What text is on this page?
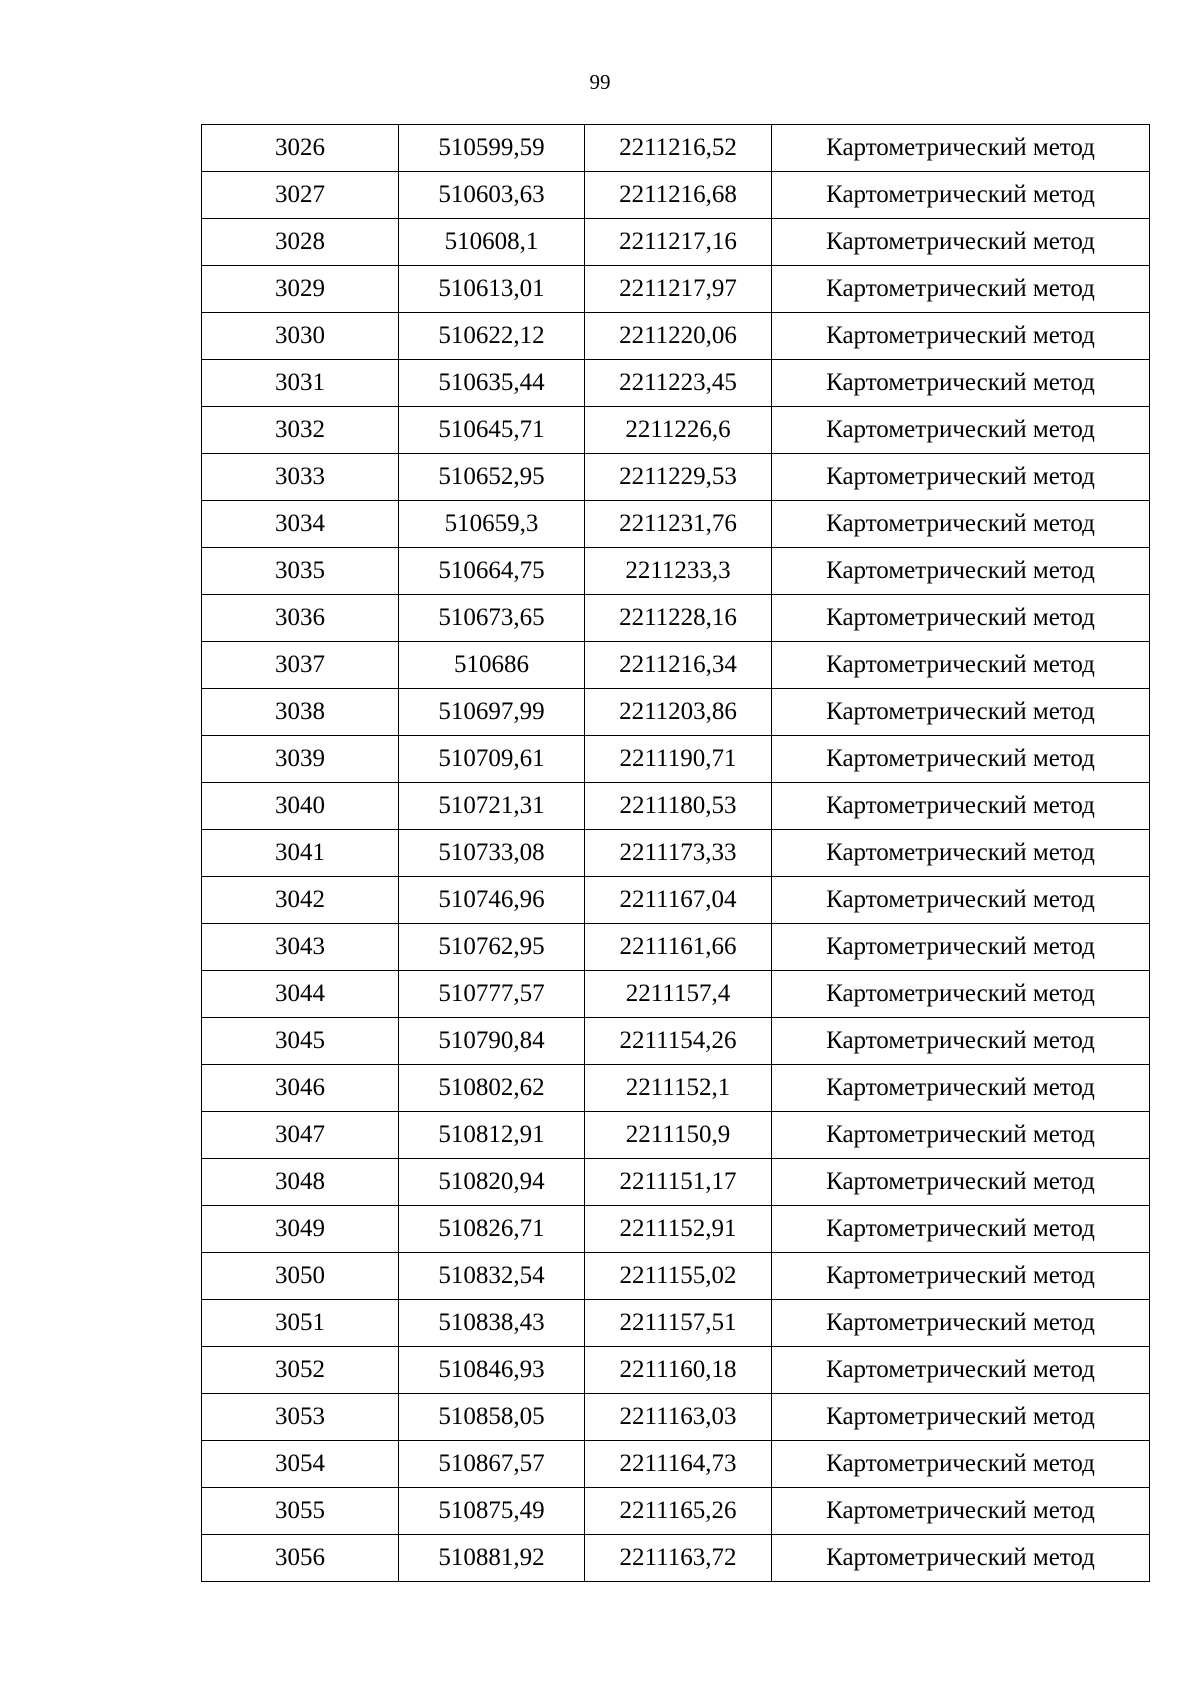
99
3026	510599,59	2211216,52	Картометрический метод
3027	510603,63	2211216,68	Картометрический метод
3028	510608,1	2211217,16	Картометрический метод
3029	510613,01	2211217,97	Картометрический метод
3030	510622,12	2211220,06	Картометрический метод
3031	510635,44	2211223,45	Картометрический метод
3032	510645,71	2211226,6	Картометрический метод
3033	510652,95	2211229,53	Картометрический метод
3034	510659,3	2211231,76	Картометрический метод
3035	510664,75	2211233,3	Картометрический метод
3036	510673,65	2211228,16	Картометрический метод
3037	510686	2211216,34	Картометрический метод
3038	510697,99	2211203,86	Картометрический метод
3039	510709,61	2211190,71	Картометрический метод
3040	510721,31	2211180,53	Картометрический метод
3041	510733,08	2211173,33	Картометрический метод
3042	510746,96	2211167,04	Картометрический метод
3043	510762,95	2211161,66	Картометрический метод
3044	510777,57	2211157,4	Картометрический метод
3045	510790,84	2211154,26	Картометрический метод
3046	510802,62	2211152,1	Картометрический метод
3047	510812,91	2211150,9	Картометрический метод
3048	510820,94	2211151,17	Картометрический метод
3049	510826,71	2211152,91	Картометрический метод
3050	510832,54	2211155,02	Картометрический метод
3051	510838,43	2211157,51	Картометрический метод
3052	510846,93	2211160,18	Картометрический метод
3053	510858,05	2211163,03	Картометрический метод
3054	510867,57	2211164,73	Картометрический метод
3055	510875,49	2211165,26	Картометрический метод
3056	510881,92	2211163,72	Картометрический метод
